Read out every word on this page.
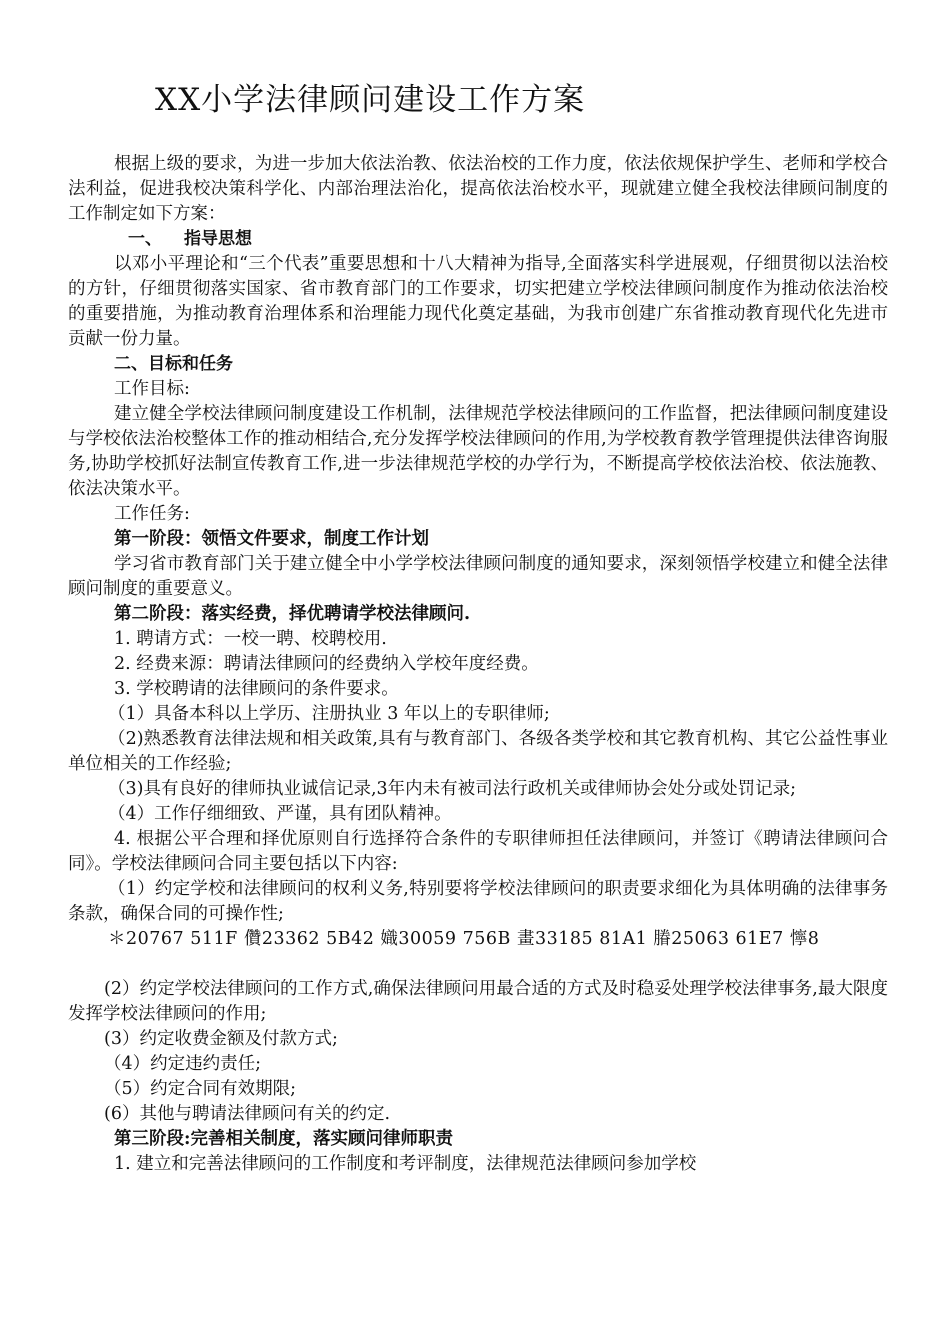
XX小学法律顾问建设工作方案

根据上级的要求，为进一步加大依法治教、依法治校的工作力度，依法依规保护学生、老师和学校合法利益，促进我校决策科学化、内部治理法治化，提高依法治校水平，现就建立健全我校法律顾问制度的工作制定如下方案：

一、 指导思想

以邓小平理论和“三个代表”重要思想和十八大精神为指导,全面落实科学进展观，仔细贯彻以法治校的方针，仔细贯彻落实国家、省市教育部门的工作要求，切实把建立学校法律顾问制度作为推动依法治校的重要措施，为推动教育治理体系和治理能力现代化奠定基础，为我市创建广东省推动教育现代化先进市贡献一份力量。

二、目标和任务

工作目标:

建立健全学校法律顾问制度建设工作机制，法律规范学校法律顾问的工作监督，把法律顾问制度建设与学校依法治校整体工作的推动相结合,充分发挥学校法律顾问的作用,为学校教育教学管理提供法律咨询服务,协助学校抓好法制宣传教育工作,进一步法律规范学校的办学行为，不断提高学校依法治校、依法施教、依法决策水平。

工作任务:

第一阶段：领悟文件要求，制度工作计划

学习省市教育部门关于建立健全中小学学校法律顾问制度的通知要求，深刻领悟学校建立和健全法律顾问制度的重要意义。

第二阶段：落实经费，择优聘请学校法律顾问.

1. 聘请方式：一校一聘、校聘校用.

2. 经费来源：聘请法律顾问的经费纳入学校年度经费。

3. 学校聘请的法律顾问的条件要求。

（1）具备本科以上学历、注册执业 3 年以上的专职律师;

（2)熟悉教育法律法规和相关政策,具有与教育部门、各级各类学校和其它教育机构、其它公益性事业单位相关的工作经验;

（3)具有良好的律师执业诚信记录,3年内未有被司法行政机关或律师协会处分或处罚记录;

（4）工作仔细细致、严谨，具有团队精神。

4. 根据公平合理和择优原则自行选择符合条件的专职律师担任法律顾问，并签订《聘请法律顾问合同》。学校法律顾问合同主要包括以下内容:

（1）约定学校和法律顾问的权利义务,特别要将学校法律顾问的职责要求细化为具体明确的法律事务条款，确保合同的可操作性;

＊20767 511F 儹23362 5B42 嬂30059 756B 畫33185 81A1 膡25063 61E7 懧8

(2）约定学校法律顾问的工作方式,确保法律顾问用最合适的方式及时稳妥处理学校法律事务,最大限度发挥学校法律顾问的作用;

(3）约定收费金额及付款方式;

（4）约定违约责任;

（5）约定合同有效期限;

(6）其他与聘请法律顾问有关的约定.

第三阶段:完善相关制度，落实顾问律师职责

1. 建立和完善法律顾问的工作制度和考评制度，法律规范法律顾问参加学校
